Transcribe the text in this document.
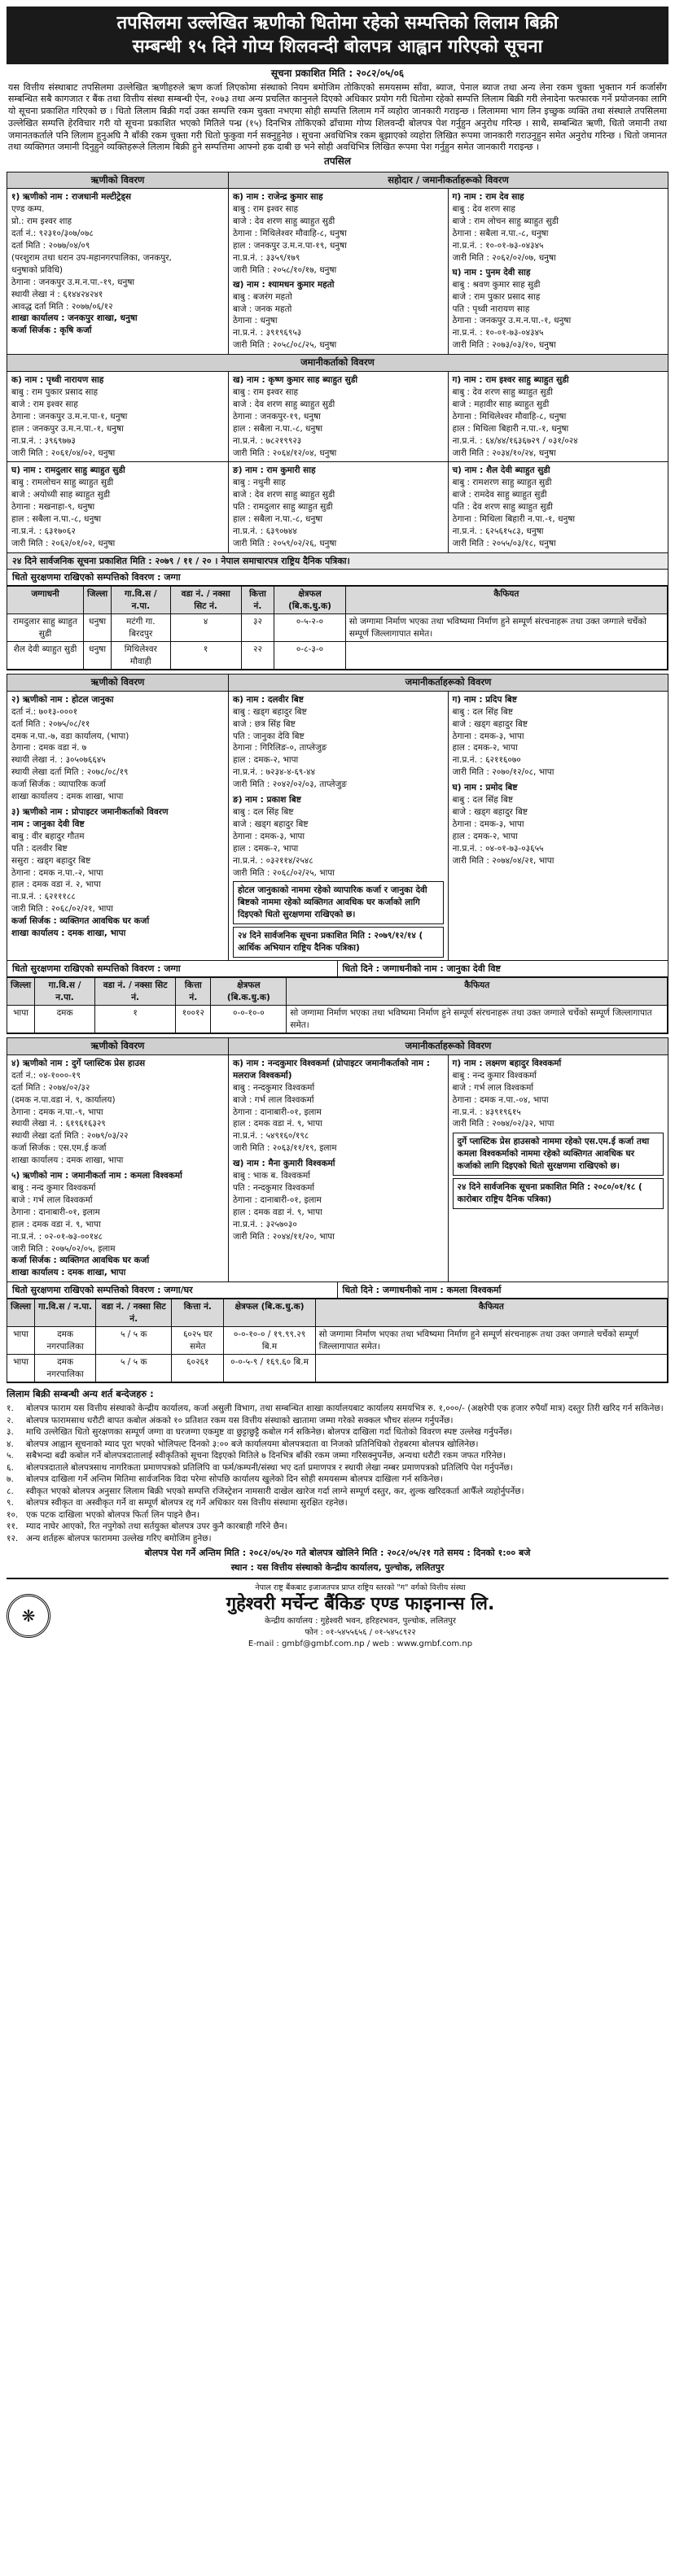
तपसिलमा उल्लेखित ऋणीको धितोमा रहेको सम्पत्तिको लिलाम बिक्री
सम्बन्धी १५ दिने गोप्य शिलवन्दी बोलपत्र आह्वान गरिएको सूचना
सूचना प्रकाशित मिति : २०८२/०५/०६
यस वित्तीय संस्थाबाट तपसिलमा उल्लेखित ऋणीहरुले ऋण कर्जा लिएकोमा संस्थाको नियम बमोजिम तोकिएको समयसम्म साँवा, ब्याज, पेनाल ब्याज तथा अन्य लेना रकम चुक्ता भुक्तान गर्न कर्जासँग सम्बन्धित सबै कागजात र बैंक तथा वित्तीय संस्था सम्बन्धी ऐन, २०७३ तथा अन्य प्रचलित कानुनले दिएको अधिकार प्रयोग गरी धितोमा रहेको सम्पत्ति लिलाम बिक्री गरी लेनादेना फरफारक गर्ने प्रयोजनका लागि यो सूचना प्रकाशित गरिएको छ । धितो लिलाम बिक्री गर्दा उक्त सम्पत्ति रकम चुक्ता नभएमा सोही सम्पत्ति लिलाम गर्ने व्यहोरा जानकारी गराइन्छ । लिलाममा भाग लिन इच्छुक व्यक्ति तथा संस्थाले तपसिलमा उल्लेखित सम्पत्ति हेरविचार गरी यो सूचना प्रकाशित भएको मितिले पन्ध्र (१५) दिनभित्र तोकिएको ढाँचामा गोप्य शिलवन्दी बोलपत्र पेश गर्नुहुन अनुरोध गरिन्छ । साथै, सम्बन्धित ऋणी, धितो जमानी तथा जमानतकर्ताले पनि लिलाम हुनुअघि नै बाँकी रकम चुक्ता गरी धितो फुकुवा गर्न सक्नुहुनेछ । सूचना अवधिभित्र रकम बुझाएको व्यहोरा लिखित रूपमा जानकारी गराउनुहुन समेत अनुरोध गरिन्छ । धितो जमानत तथा व्यक्तिगत जमानी दिनुहुने व्यक्तिहरूले लिलाम बिक्री हुने सम्पत्तिमा आफ्नो हक दाबी छ भने सोही अवधिभित्र लिखित रूपमा पेश गर्नुहुन समेत जानकारी गराइन्छ ।
तपसिल
ऋणीको विवरण	सहोदार / जमानीकर्ताहरूको विवरण
१) ऋणीको नाम : राजधानी मल्टीट्रेड्स
एण्ड कम्प.
प्रो.: राम इश्वर शाह
दर्ता नं.: ९२३१०/३०७/०७८
दर्ता मिति : २०७७/०४/०९
(परशुराम तथा धरान उप-महानगरपालिका, जनकपुर,
धनुषाको प्रविधि)
ठेगाना : जनकपुर उ.म.न.पा.-१९, धनुषा
स्थायी लेखा नं : ६१४४२४२४१
आवद्ध दर्ता मिति : २०७७/०६/१२
शाखा कार्यालय : जनकपुर शाखा, धनुषा
कर्जा सिर्जक : कृषि कर्जा
क) नाम : राजेन्द्र कुमार साह
बाबु : राम इश्वर साह
बाजे : देव शरण साहु ब्याहुत सुडी
ठेगाना : मिथिलेश्वर मौवाहि-८, धनुषा
हाल : जनकपुर उ.म.न.पा-१९, धनुषा
ना.प्र.नं. : ३३५९/१७९
जारी मिति : २०५८/१०/१७, धनुषा
ख) नाम : श्यामधन कुमार महतो
बाबु : बजरंग महतो
बाजे : जनक महतो
ठेगाना : धनुषा
ना.प्र.नं. : ३९१९६९५३
जारी मिति : २०५८/०८/२५, धनुषा
ग) नाम : राम देव साह
बाबु : देव शरण साह
बाजे : राम लोचन साहु ब्याहुत सुडी
ठेगाना : सबैला न.पा.-८, धनुषा
ना.प्र.नं. : १०-०१-७३-०४३४५
जारी मिति : २०६२/०२/०७, धनुषा
घ) नाम : पुनम देवी साह
बाबु : श्रवण कुमार साह सुडी
बाजे : राम पुकार प्रसाद साह
पति : पृथ्वी नारायण साह
ठेगाना : जनकपुर उ.म.न.पा.-१, धनुषा
ना.प्र.नं. : १०-०१-७३-०४३४५
जारी मिति : २०७३/०३/१०, धनुषा
जमानीकर्ताको विवरण
क) नाम : पृथ्वी नारायण साह
बाबु : राम पुकार प्रसाद साह
बाजे : राम इश्वर साह
ठेगाना : जनकपुर उ.म.न.पा-१, धनुषा
हाल : जनकपुर उ.म.न.पा.-१, धनुषा
ना.प्र.नं. : ३९६९७७३
जारी मिति : २०६१/०४/०२, धनुषा
ख) नाम : कृष्ण कुमार साह ब्याहुत सुडी
बाबु : राम इश्वर साह
बाजे : देव शरण साहु ब्याहुत सुडी
ठेगाना : जनकपुर-१९, धनुषा
हाल : सबैला न.पा.-८, धनुषा
ना.प्र.नं. : ७८२१९९२३
जारी मिति : २०६४/१२/०४, धनुषा
ग) नाम : राम इश्वर साहु ब्याहुत सुडी
बाबु : देव शरण साहु ब्याहुत सुडी
बाजे : महावीर साह ब्याहुत सुडी
ठेगाना : मिथिलेश्वर मौवाहि-८, धनुषा
हाल : मिथिला बिहारी न.पा.-१, धनुषा
ना.प्र.नं. : ६४/४४/१६३६७२९ / ०३१/०२४
जारी मिति : २०३४/१०/२४, धनुषा
घ) नाम : रामदुलार साहु ब्याहुत सुडी
बाबु : रामलोचन साहु ब्याहुत सुडी
बाजे : अयोध्यी साह ब्याहुत सुडी
ठेगाना : मखनाहा-९, धनुषा
हाल : सबैला न.पा.-८, धनुषा
ना.प्र.नं. : ६३१७०६२
जारी मिति : २०६२/०१/०२, धनुषा
ङ) नाम : राम कुमारी साह
बाबु : नथुनी साह
बाजे : देव शरण साहु ब्याहुत सुडी
पति : रामदुलार साहु ब्याहुत सुडी
हाल : सबैला न.पा.-८, धनुषा
ना.प्र.नं. : ६३९०७४४
जारी मिति : २०५९/०२/२६, धनुषा
च) नाम : शैल देवी ब्याहुत सुडी
बाबु : रामशरण साहु ब्याहुत सुडी
बाजे : रामदेव साहु ब्याहुत सुडी
पति : देव शरण साहु ब्याहुत सुडी
ठेगाना : मिथिला बिहारी न.पा.-१, धनुषा
ना.प्र.नं. : ६२५६१५८३, धनुषा
जारी मिति : २०५५/०३/१८, धनुषा
२४ दिने सार्वजनिक सूचना प्रकाशित मिति : २०७९ / ११ / २० । नेपाल समाचारपत्र राष्ट्रिय दैनिक पत्रिका।
धितो सुरक्षणमा राखिएको सम्पत्तिको विवरण : जग्गा
जग्गाधनी	जिल्ला	गा.वि.स / न.पा.	वडा नं. / नक्सा सिट नं.	कित्ता नं.	क्षेत्रफल (बि.क.धु.क)	कैफियत
रामदुलार साहु ब्याहुत सुडी	धनुषा	मटंगी गा. बिरदपुर	४	३२	०-५-२-०	सो जग्गामा निर्माण भएका तथा भविष्यमा निर्माण हुने सम्पूर्ण संरचनाहरू तथा उक्त जग्गाले चर्चेको सम्पूर्ण जिल्लागापात समेत।
शैल देवी ब्याहुत सुडी	धनुषा	मिथिलेश्वर मौवाही	१	२२	०-८-३-०	
ऋणीको विवरण	जमानीकर्ताहरूको विवरण
२) ऋणीको नाम : होटल जानुका
दर्ता नं.: ७०१३-०००१
दर्ता मिति : २०७५/०८/११
दमक न.पा.-७, वडा कार्यालय, (भापा)
ठेगाना : दमक वडा नं. ७
स्थायी लेखा नं. : ३०५०७६६४५
स्थायी लेखा दर्ता मिति : २०७८/०८/१९
कर्जा सिर्जक : व्यापारिक कर्जा
शाखा कार्यालय : दमक शाखा, भापा
३) ऋणीको नाम : प्रोपाइटर जमानीकर्ताको विवरण
नाम : जानुका देवी विष्ट
बाबु : वीर बहादुर गौतम
पति : दलवीर बिष्ट
ससुरा : खड्ग बहादुर बिष्ट
ठेगाना : दमक न.पा.-२, भापा
हाल : दमक वडा नं. २, भापा
ना.प्र.नं. : ६२१११८८
जारी मिति : २०६८/०२/२१, भापा
कर्जा सिर्जक : व्यक्तिगत आवधिक घर कर्जा
शाखा कार्यालय : दमक शाखा, भापा
क) नाम : दलवीर बिष्ट
बाबु : खड्ग बहादुर बिष्ट
बाजे : छत्र सिंह बिष्ट
पति : जानुका देवि बिष्ट
ठेगाना : गिरिलिङ-०, ताप्लेजुङ
हाल : दमक-२, भापा
ना.प्र.नं. : ७२३४-४-६९-४४
जारी मिति : २०४२/०२/०३, ताप्लेजुङ
ङ) नाम : प्रकाश बिष्ट
बाबु : दल सिंह बिष्ट
बाजे : खड्ग बहादुर बिष्ट
ठेगाना : दमक-३, भापा
हाल : दमक-२, भापा
ना.प्र.नं. : ०३२११४/२५४८
जारी मिति : २०६८/०२/२५, भापा
होटल जानुकाको नाममा रहेको व्यापारिक कर्जा र जानुका देवी बिष्टको नाममा रहेको व्यक्तिगत आवधिक घर कर्जाको लागि दिइएको धितो सुरक्षणमा राखिएको छ।
२४ दिने सार्वजनिक सूचना प्रकाशित मिति : २०७९/१२/१४ ( आर्थिक अभियान राष्ट्रिय दैनिक पत्रिका)
ग) नाम : प्रदिप बिष्ट
बाबु : दल सिंह बिष्ट
बाजे : खड्ग बहादुर बिष्ट
ठेगाना : दमक-३, भापा
हाल : दमक-२, भापा
ना.प्र.नं. : ६२११६०७०
जारी मिति : २०७०/१२/०८, भापा
घ) नाम : प्रमोद बिष्ट
बाबु : दल सिंह बिष्ट
बाजे : खड्ग बहादुर बिष्ट
ठेगाना : दमक-३, भापा
हाल : दमक-२, भापा
ना.प्र.नं. : ०४-०१-७३-०३६५५
जारी मिति : २०७४/०४/२१, भापा
धितो सुरक्षणमा राखिएको सम्पत्तिको विवरण : जग्गा	धितो दिने : जग्गाधनीको नाम : जानुका देवी विष्ट
जिल्ला	गा.वि.स / न.पा.	वडा नं. / नक्सा सिट नं.	कित्ता नं.	क्षेत्रफल (बि.क.धु.क)	कैफियत
भापा	दमक	१	१००१२	०-०-१०-०	सो जग्गामा निर्माण भएका तथा भविष्यमा निर्माण हुने सम्पूर्ण संरचनाहरू तथा उक्त जग्गाले चर्चेको सम्पूर्ण जिल्लागापात समेत।
ऋणीको विवरण	जमानीकर्ताहरूको विवरण
४) ऋणीको नाम : दुर्गे प्लास्टिक प्रेस हाउस
दर्ता नं.: ०४-१०००-१९
दर्ता मिति : २०७४/०२/३२
(दमक न.पा.वडा नं. ९, कार्यालय)
ठेगाना : दमक न.पा.-९, भापा
स्थायी लेखा नं. : ६१९६१६३२९
स्थायी लेखा दर्ता मिति : २०७९/०३/२२
कर्जा सिर्जक : एस.एम.ई कर्जा
शाखा कार्यालय : दमक शाखा, भापा
५) ऋणीको नाम : जमानीकर्ता नाम : कमला विश्वकर्मा
बाबु : नन्द कुमार विश्वकर्मा
बाजे : गर्भ लाल विश्वकर्मा
ठेगाना : दानाबारी-०१, इलाम
हाल : दमक वडा नं. ९, भापा
ना.प्र.नं. : ०२-०१-७३-००१४८
जारी मिति : २०७५/०२/०५, इलाम
कर्जा सिर्जक : व्यक्तिगत आवधिक घर कर्जा
शाखा कार्यालय : दमक शाखा, भापा
क) नाम : नन्दकुमार विश्वकर्मा (प्रोपाइटर जमानीकर्ताको नाम : मलराज विश्वकर्मा)
बाबु : नन्दकुमार विश्वकर्मा
बाजे : गर्भ लाल विश्वकर्मा
ठेगाना : दानाबारी-०१, इलाम
हाल : दमक वडा नं. ९, भापा
ना.प्र.नं. : ५४९१६०/१९८
जारी मिति : २०६३/११/१९, इलाम
ख) नाम : मैना कुमारी विश्वकर्मा
बाबु : भाक ब. विश्वकर्मा
पति : नन्दकुमार विश्वकर्मा
ठेगाना : दानाबारी-०१, इलाम
हाल : दमक वडा नं. ९, भापा
ना.प्र.नं. : ३२५७०३०
जारी मिति : २०४४/११/२०, भापा
ग) नाम : लक्ष्मण बहादुर विश्वकर्मा
बाबु : नन्द कुमार विश्वकर्मा
बाजे : गर्भ लाल विश्वकर्मा
ठेगाना : दमक न.पा.-०४, भापा
ना.प्र.नं. : ४३९१९६१५
जारी मिति : २०७४/०२/३२, भापा
दुर्गे प्लास्टिक प्रेस हाउसको नाममा रहेको एस.एम.ई कर्जा तथा कमला विश्वकर्माको नाममा रहेको व्यक्तिगत आवधिक घर कर्जाको लागि दिइएको धितो सुरक्षणमा राखिएको छ।
२४ दिने सार्वजनिक सूचना प्रकाशित मिति : २०८०/०१/१८ ( कारोबार राष्ट्रिय दैनिक पत्रिका)
धितो सुरक्षणमा राखिएको सम्पत्तिको विवरण : जग्गा/घर	धितो दिने : जग्गाधनीको नाम : कमला विश्वकर्मा
जिल्ला	गा.वि.स / न.पा.	वडा नं. / नक्सा सिट नं.	कित्ता नं.	क्षेत्रफल (बि.क.धु.क)	कैफियत
भापा	दमक नगरपालिका	५ / ५ क	६०२५ घर समेत	०-०-१०-० / १९.९९.२९ बि.म	सो जग्गामा निर्माण भएका तथा भविष्यमा निर्माण हुने सम्पूर्ण संरचनाहरू तथा उक्त जग्गाले चर्चेको सम्पूर्ण जिल्लागापात समेत।
भापा	दमक नगरपालिका	५ / ५ क	६०२६१	०-०-५-९ / १६९.६० बि.म	
लिलाम बिक्री सम्बन्धी अन्य शर्त बन्देजहरु :
१.	बोलपत्र फाराम यस वित्तीय संस्थाको केन्द्रीय कार्यालय, कर्जा असुली विभाग, तथा सम्बन्धित शाखा कार्यालयबाट कार्यालय समयभित्र रु. १,०००/- (अक्षरेपी एक हजार रुपैयाँ मात्र) दस्तुर तिरी खरिद गर्न सकिनेछ।
२.	बोलपत्र फारामसाथ धरौटी बापत कबोल अंकको १० प्रतिशत रकम यस वित्तीय संस्थाको खातामा जम्मा गरेको सक्कल भौचर संलग्न गर्नुपर्नेछ।
३.	माथि उल्लेखित धितो सुरक्षणका सम्पूर्ण जग्गा वा घरजग्गा एकमुष्ट वा छुट्टाछुट्टै कबोल गर्न सकिनेछ। बोलपत्र दाखिला गर्दा धितोको विवरण स्पष्ट उल्लेख गर्नुपर्नेछ।
४.	बोलपत्र आह्वान सूचनाको म्याद पूरा भएको भोलिपल्ट दिनको ३:०० बजे कार्यालयमा बोलपत्रदाता वा निजको प्रतिनिधिको रोहबरमा बोलपत्र खोलिनेछ।
५.	सबैभन्दा बढी कबोल गर्ने बोलपत्रदातालाई स्वीकृतिको सूचना दिइएको मितिले ७ दिनभित्र बाँकी रकम जम्मा गरिसक्नुपर्नेछ, अन्यथा धरौटी रकम जफत गरिनेछ।
६.	बोलपत्रदाताले बोलपत्रसाथ नागरिकता प्रमाणपत्रको प्रतिलिपि वा फर्म/कम्पनी/संस्था भए दर्ता प्रमाणपत्र र स्थायी लेखा नम्बर प्रमाणपत्रको प्रतिलिपि पेश गर्नुपर्नेछ।
७.	बोलपत्र दाखिला गर्ने अन्तिम मितिमा सार्वजनिक विदा परेमा सोपछि कार्यालय खुलेको दिन सोही समयसम्म बोलपत्र दाखिला गर्न सकिनेछ।
८.	स्वीकृत भएको बोलपत्र अनुसार लिलाम बिक्री भएको सम्पत्ति रजिस्ट्रेशन नामसारी दाखेल खारेज गर्दा लाग्ने सम्पूर्ण दस्तुर, कर, शुल्क खरिदकर्ता आफैँले व्यहोर्नुपर्नेछ।
९.	बोलपत्र स्वीकृत वा अस्वीकृत गर्ने वा सम्पूर्ण बोलपत्र रद्द गर्ने अधिकार यस वित्तीय संस्थामा सुरक्षित रहनेछ।
१०. एक पटक दाखिला भएको बोलपत्र फिर्ता लिन पाइने छैन।
११. म्याद नाघेर आएको, रित नपुगेको तथा सर्तयुक्त बोलपत्र उपर कुनै कारबाही गरिने छैन।
१२. अन्य शर्तहरू बोलपत्र फाराममा उल्लेख गरिए बमोजिम हुनेछ।
बोलपत्र पेश गर्ने अन्तिम मिति : २०८२/०५/२० गते बोलपत्र खोलिने मिति : २०८२/०५/२१ गते समय : दिनको १:०० बजे
स्थान : यस वित्तीय संस्थाको केन्द्रीय कार्यालय, पुल्चोक, ललितपुर
❋
नेपाल राष्ट्र बैंकबाट इजाजतपत्र प्राप्त राष्ट्रिय स्तरको "ग" वर्गको वित्तीय संस्था
गुहेश्वरी मर्चेन्ट बैंकिङ एण्ड फाइनान्स लि.
केन्द्रीय कार्यालय : गुहेश्वरी भवन, हरिहरभवन, पुल्चोक, ललितपुर
फोन : ०१-५४५५६५६ / ०१-५४५८९२२
E-mail : gmbf@gmbf.com.np / web : www.gmbf.com.np
